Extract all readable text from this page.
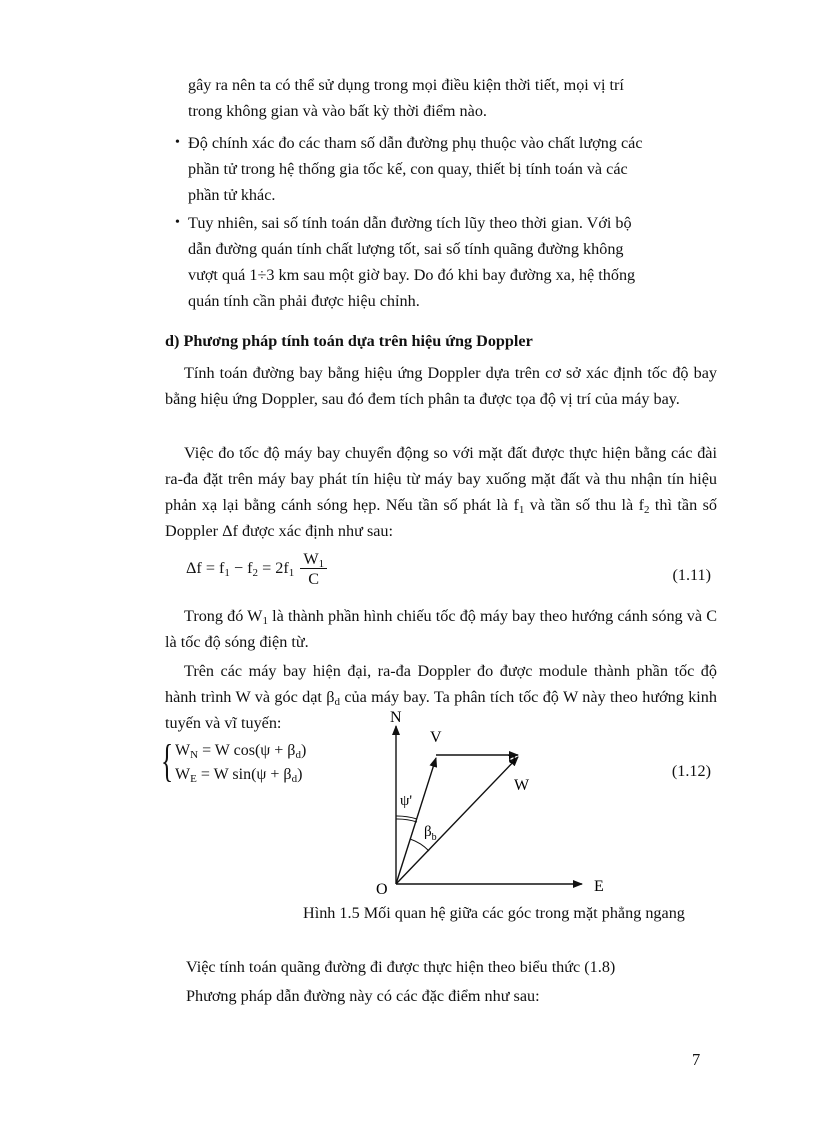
gây ra nên ta có thể sử dụng trong mọi điều kiện thời tiết, mọi vị trí
trong không gian và vào bất kỳ thời điểm nào.
• Độ chính xác đo các tham số dẫn đường phụ thuộc vào chất lượng các
phần tử trong hệ thống gia tốc kế, con quay, thiết bị tính toán và các
phần tử khác.
• Tuy nhiên, sai số tính toán dẫn đường tích lũy theo thời gian. Với bộ
dẫn đường quán tính chất lượng tốt, sai số tính quãng đường không
vượt quá 1÷3 km sau một giờ bay. Do đó khi bay đường xa, hệ thống
quán tính cần phải được hiệu chỉnh.
d) Phương pháp tính toán dựa trên hiệu ứng Doppler
Tính toán đường bay bằng hiệu ứng Doppler dựa trên cơ sở xác định tốc độ bay bằng hiệu ứng Doppler, sau đó đem tích phân ta được tọa độ vị trí của máy bay.
Việc đo tốc độ máy bay chuyển động so với mặt đất được thực hiện bằng các đài ra-đa đặt trên máy bay phát tín hiệu từ máy bay xuống mặt đất và thu nhận tín hiệu phản xạ lại bằng cánh sóng hẹp. Nếu tần số phát là $f_1$ và tần số thu là $f_2$ thì tần số Doppler Δf được xác định như sau:
$\Delta f = f_1 - f_2 = 2f_1 \frac{W_1}{C}$	(1.11)
Trong đó $W_1$ là thành phần hình chiếu tốc độ máy bay theo hướng cánh sóng và C là tốc độ sóng điện từ.
Trên các máy bay hiện đại, ra-đa Doppler đo được module thành phần tốc độ hành trình W và góc dạt $\beta_d$ của máy bay. Ta phân tích tốc độ W này theo hướng kinh tuyến và vĩ tuyến:
{ $W_N = W$ $\cos(\psi + \beta_d)$
$W_E = W$ $\sin(\psi + \beta_d)$	(1.12)
N
E
O
V
u
W
ψ'
$\beta_b$
Hình 1.5 Mối quan hệ giữa các góc trong mặt phẳng ngang
Việc tính toán quãng đường đi được thực hiện theo biểu thức (1.8)
Phương pháp dẫn đường này có các đặc điểm như sau:
7
